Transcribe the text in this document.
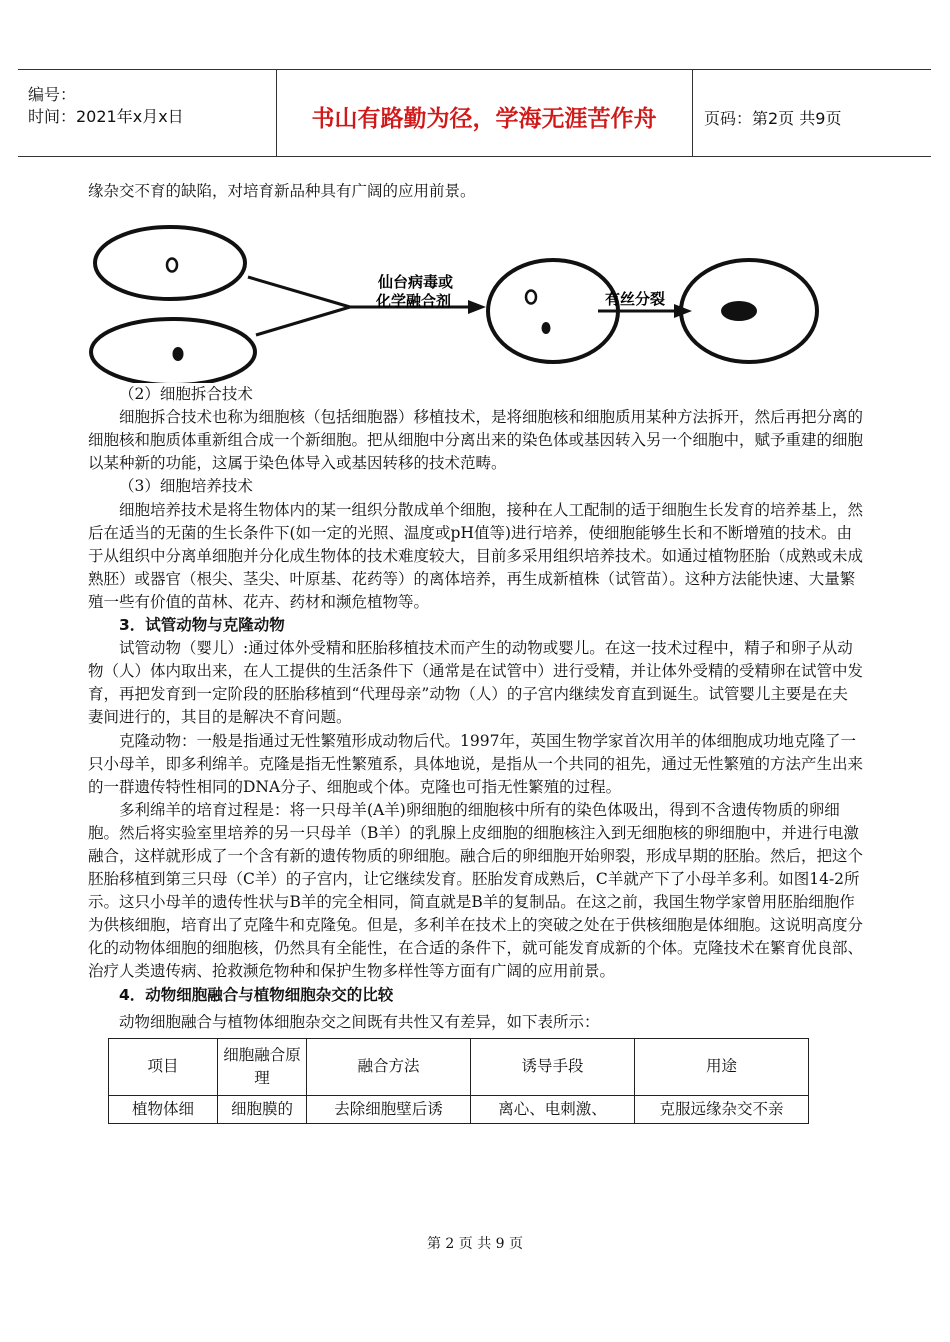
编号：
时间：2021年x月x日	书山有路勤为径，学海无涯苦作舟	页码：第2页 共9页

缘杂交不育的缺陷，对培育新品种具有广阔的应用前景。

仙台病毒或
化学融合剂	有丝分裂

（2）细胞拆合技术

细胞拆合技术也称为细胞核（包括细胞器）移植技术，是将细胞核和细胞质用某种方法拆开，然后再把分离的细胞核和胞质体重新组合成一个新细胞。把从细胞中分离出来的染色体或基因转入另一个细胞中，赋予重建的细胞以某种新的功能，这属于染色体导入或基因转移的技术范畴。

（3）细胞培养技术

细胞培养技术是将生物体内的某一组织分散成单个细胞，接种在人工配制的适于细胞生长发育的培养基上，然后在适当的无菌的生长条件下(如一定的光照、温度或pH值等)进行培养，使细胞能够生长和不断增殖的技术。由于从组织中分离单细胞并分化成生物体的技术难度较大，目前多采用组织培养技术。如通过植物胚胎（成熟或未成熟胚）或器官（根尖、茎尖、叶原基、花药等）的离体培养，再生成新植株（试管苗）。这种方法能快速、大量繁殖一些有价值的苗林、花卉、药材和濒危植物等。

3．试管动物与克隆动物

试管动物（婴儿）:通过体外受精和胚胎移植技术而产生的动物或婴儿。在这一技术过程中，精子和卵子从动物（人）体内取出来，在人工提供的生活条件下（通常是在试管中）进行受精，并让体外受精的受精卵在试管中发育，再把发育到一定阶段的胚胎移植到“代理母亲”动物（人）的子宫内继续发育直到诞生。试管婴儿主要是在夫妻间进行的，其目的是解决不育问题。

克隆动物：一般是指通过无性繁殖形成动物后代。1997年，英国生物学家首次用羊的体细胞成功地克隆了一只小母羊，即多利绵羊。克隆是指无性繁殖系，具体地说，是指从一个共同的祖先，通过无性繁殖的方法产生出来的一群遗传特性相同的DNA分子、细胞或个体。克隆也可指无性繁殖的过程。

多利绵羊的培育过程是：将一只母羊(A羊)卵细胞的细胞核中所有的染色体吸出，得到不含遗传物质的卵细胞。然后将实验室里培养的另一只母羊（B羊）的乳腺上皮细胞的细胞核注入到无细胞核的卵细胞中，并进行电激融合，这样就形成了一个含有新的遗传物质的卵细胞。融合后的卵细胞开始卵裂，形成早期的胚胎。然后，把这个胚胎移植到第三只母（C羊）的子宫内，让它继续发育。胚胎发育成熟后，C羊就产下了小母羊多利。如图14-2所示。这只小母羊的遗传性状与B羊的完全相同，简直就是B羊的复制品。在这之前，我国生物学家曾用胚胎细胞作为供核细胞，培育出了克隆牛和克隆兔。但是，多利羊在技术上的突破之处在于供核细胞是体细胞。这说明高度分化的动物体细胞的细胞核，仍然具有全能性，在合适的条件下，就可能发育成新的个体。克隆技术在繁育优良部、治疗人类遗传病、抢救濒危物种和保护生物多样性等方面有广阔的应用前景。

4．动物细胞融合与植物细胞杂交的比较

动物细胞融合与植物体细胞杂交之间既有共性又有差异，如下表所示：

项目	细胞融合原理	融合方法	诱导手段	用途
植物体细	细胞膜的	去除细胞壁后诱	离心、电刺激、	克服远缘杂交不亲
第 2 页 共 9 页
